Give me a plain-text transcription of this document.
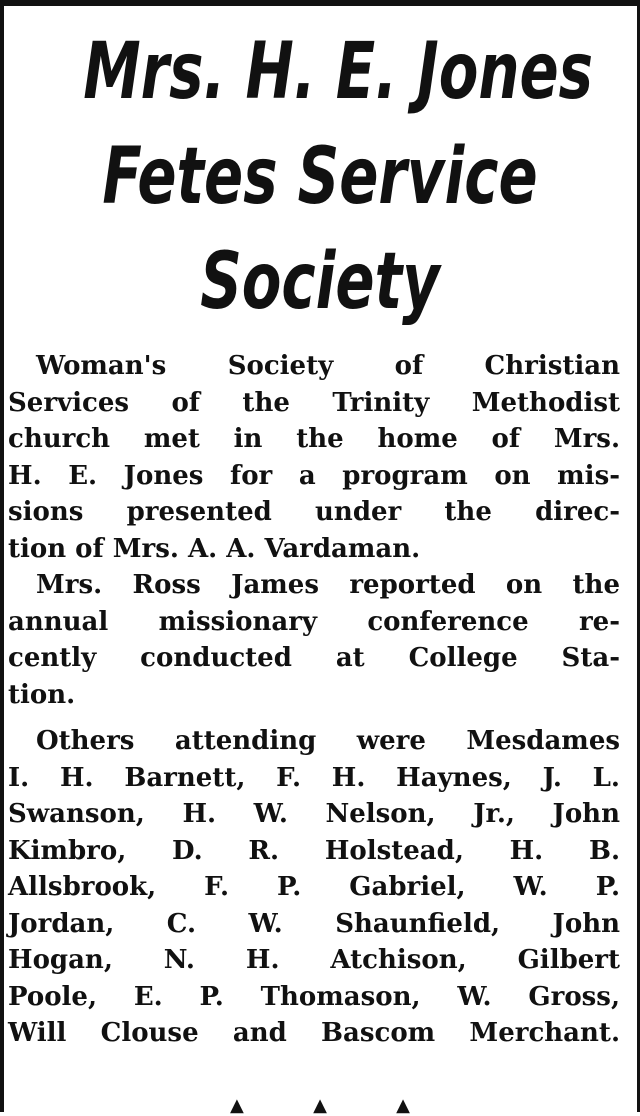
Mrs. H. E. Jones
Fetes Service
Society
Woman's Society of Christian
Services of the Trinity Methodist
church met in the home of Mrs.
H. E. Jones for a program on mis-
sions presented under the direc-
tion of Mrs. A. A. Vardaman.
Mrs. Ross James reported on the
annual missionary conference re-
cently conducted at College Sta-
tion.
Others attending were Mesdames
I. H. Barnett, F. H. Haynes, J. L.
Swanson, H. W. Nelson, Jr., John
Kimbro, D. R. Holstead, H. B.
Allsbrook, F. P. Gabriel, W. P.
Jordan, C. W. Shaunfield, John
Hogan, N. H. Atchison, Gilbert
Poole, E. P. Thomason, W. Gross,
Will Clouse and Bascom Merchant.
▲	▲	▲
